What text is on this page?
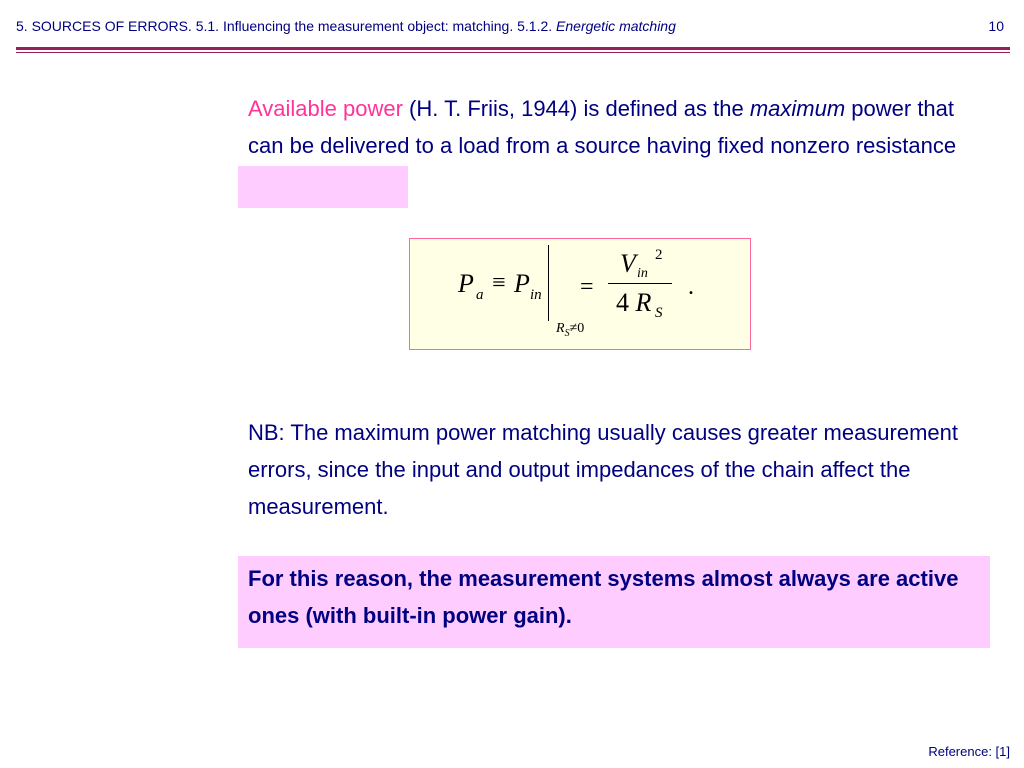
5. SOURCES OF ERRORS. 5.1. Influencing the measurement object: matching. 5.1.2. Energetic matching	10
Available power (H. T. Friis, 1944) is defined as the maximum power that can be delivered to a load from a source having fixed nonzero resistance
P a ≡ P in
$R_S\ne 0$
=
V in
2
4 R S
.
NB: The maximum power matching usually causes greater measurement errors, since the input and output impedances of the chain affect the measurement.
For this reason, the measurement systems almost always are active ones (with built-in power gain).
Reference: [1]
